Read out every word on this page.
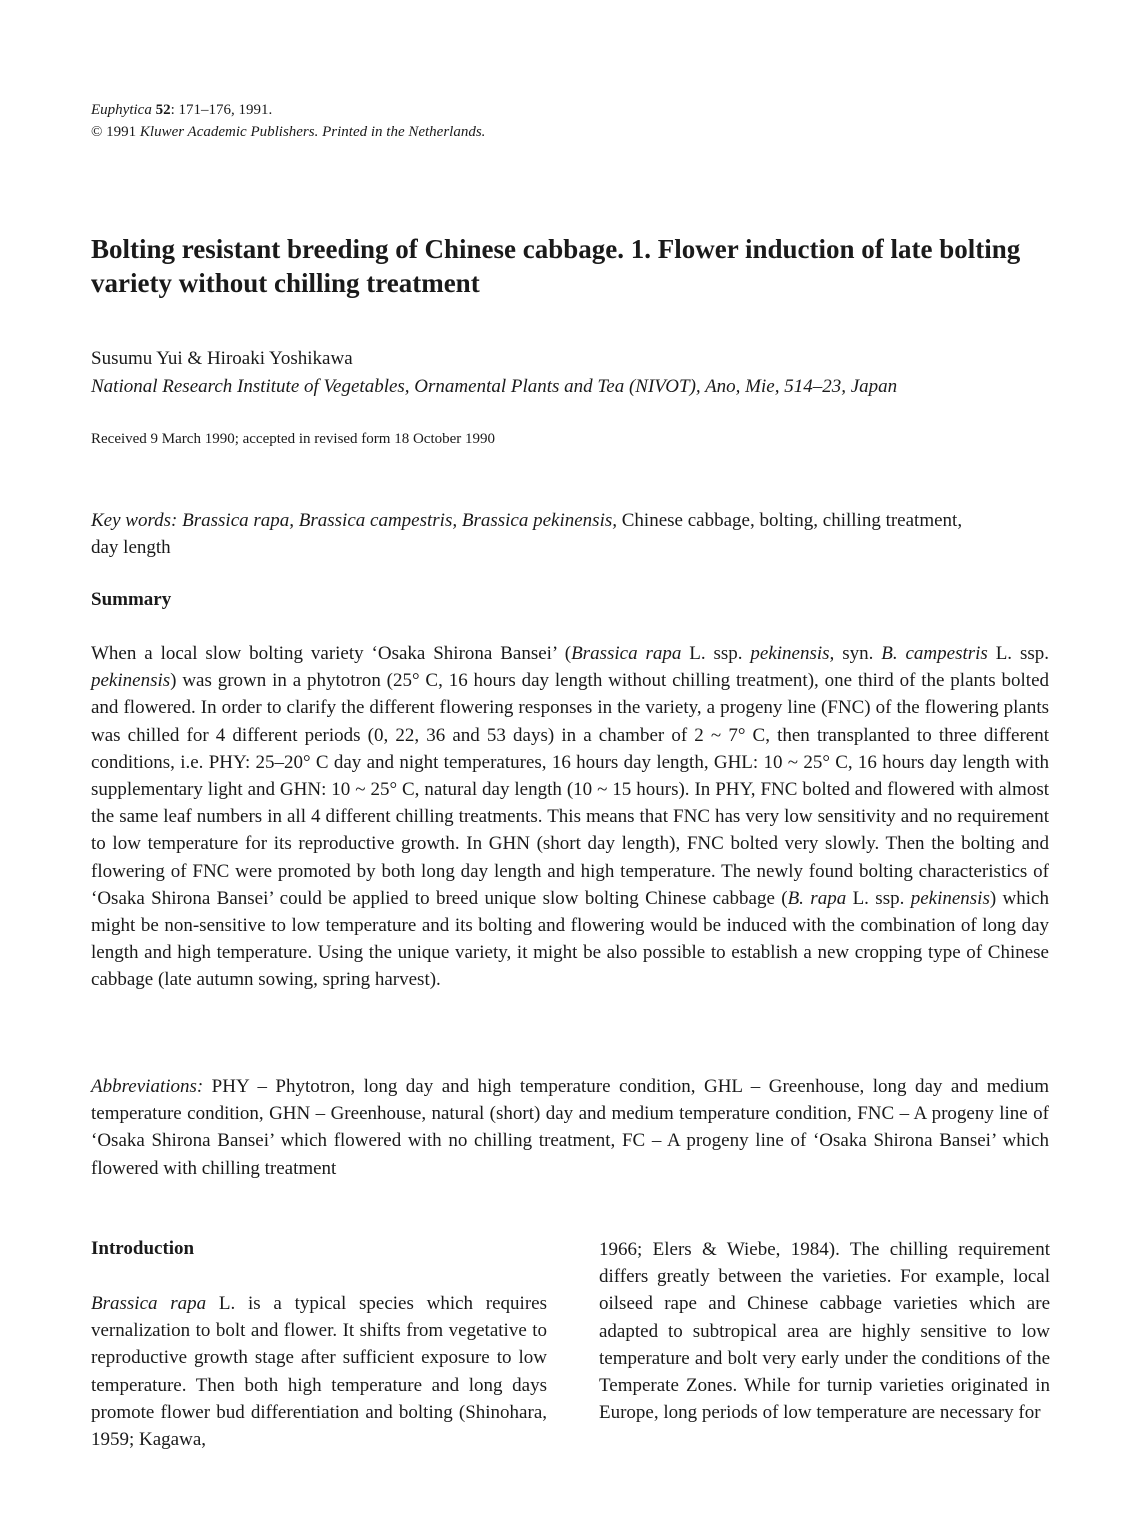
Euphytica 52: 171–176, 1991.
© 1991 Kluwer Academic Publishers. Printed in the Netherlands.
Bolting resistant breeding of Chinese cabbage. 1. Flower induction of late bolting variety without chilling treatment
Susumu Yui & Hiroaki Yoshikawa
National Research Institute of Vegetables, Ornamental Plants and Tea (NIVOT), Ano, Mie, 514–23, Japan
Received 9 March 1990; accepted in revised form 18 October 1990
Key words: Brassica rapa, Brassica campestris, Brassica pekinensis, Chinese cabbage, bolting, chilling treatment, day length
Summary

When a local slow bolting variety ‘Osaka Shirona Bansei’ (Brassica rapa L. ssp. pekinensis, syn. B. campestris L. ssp. pekinensis) was grown in a phytotron (25° C, 16 hours day length without chilling treatment), one third of the plants bolted and flowered. In order to clarify the different flowering responses in the variety, a progeny line (FNC) of the flowering plants was chilled for 4 different periods (0, 22, 36 and 53 days) in a chamber of 2 ~ 7° C, then transplanted to three different conditions, i.e. PHY: 25–20° C day and night temperatures, 16 hours day length, GHL: 10 ~ 25° C, 16 hours day length with supplementary light and GHN: 10 ~ 25° C, natural day length (10 ~ 15 hours). In PHY, FNC bolted and flowered with almost the same leaf numbers in all 4 different chilling treatments. This means that FNC has very low sensitivity and no requirement to low temperature for its reproductive growth. In GHN (short day length), FNC bolted very slowly. Then the bolting and flowering of FNC were promoted by both long day length and high temperature. The newly found bolting characteristics of ‘Osaka Shirona Bansei’ could be applied to breed unique slow bolting Chinese cabbage (B. rapa L. ssp. pekinensis) which might be non-sensitive to low temperature and its bolting and flowering would be induced with the combination of long day length and high temperature. Using the unique variety, it might be also possible to establish a new cropping type of Chinese cabbage (late autumn sowing, spring harvest).

Abbreviations: PHY – Phytotron, long day and high temperature condition, GHL – Greenhouse, long day and medium temperature condition, GHN – Greenhouse, natural (short) day and medium temperature condition, FNC – A progeny line of ‘Osaka Shirona Bansei’ which flowered with no chilling treatment, FC – A progeny line of ‘Osaka Shirona Bansei’ which flowered with chilling treatment

Introduction

Brassica rapa L. is a typical species which requires vernalization to bolt and flower. It shifts from vegetative to reproductive growth stage after sufficient exposure to low temperature. Then both high temperature and long days promote flower bud differentiation and bolting (Shinohara, 1959; Kagawa,

1966; Elers & Wiebe, 1984). The chilling requirement differs greatly between the varieties. For example, local oilseed rape and Chinese cabbage varieties which are adapted to subtropical area are highly sensitive to low temperature and bolt very early under the conditions of the Temperate Zones. While for turnip varieties originated in Europe, long periods of low temperature are necessary for
